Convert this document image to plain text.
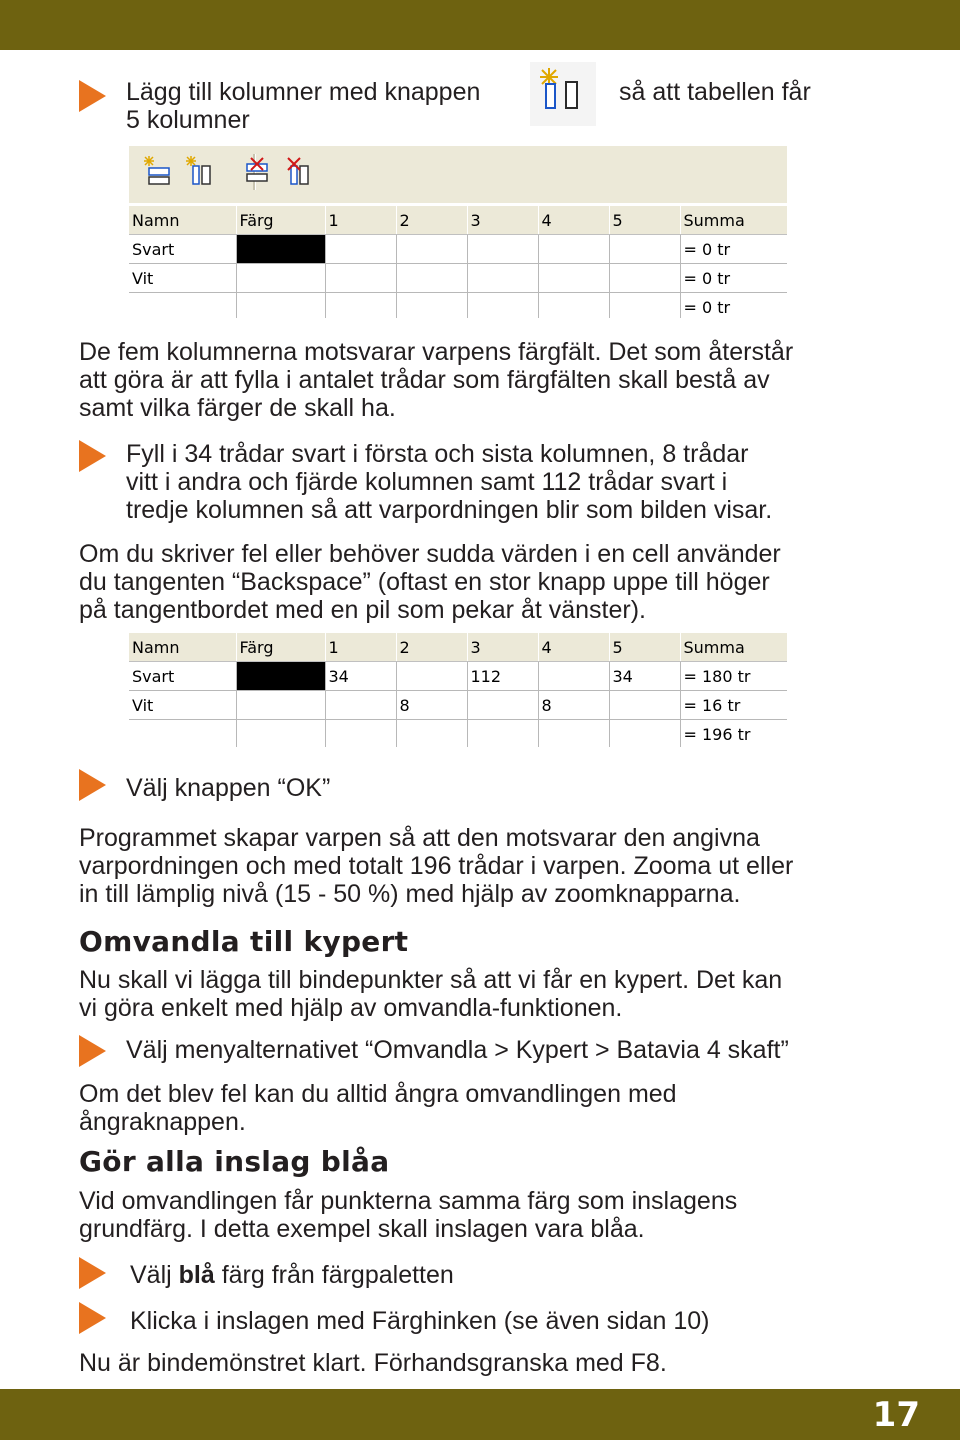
Lägg till kolumner med knappen
5 kolumner
så att tabellen får
Namn	Färg	1	2	3	4	5	Summa
Svart							= 0 tr
Vit							= 0 tr
							= 0 tr
De fem kolumnerna motsvarar varpens färgfält. Det som återstår
att göra är att fylla i antalet trådar som färgfälten skall bestå av
samt vilka färger de skall ha.
Fyll i 34 trådar svart i första och sista kolumnen, 8 trådar
vitt i andra och fjärde kolumnen samt 112 trådar svart i
tredje kolumnen så att varpordningen blir som bilden visar.
Om du skriver fel eller behöver sudda värden i en cell använder
du tangenten “Backspace” (oftast en stor knapp uppe till höger
på tangentbordet med en pil som pekar åt vänster).
Namn	Färg	1	2	3	4	5	Summa
Svart		34		112		34	= 180 tr
Vit			8		8		= 16 tr
							= 196 tr
Välj knappen “OK”
Programmet skapar varpen så att den motsvarar den angivna
varpordningen och med totalt 196 trådar i varpen. Zooma ut eller
in till lämplig nivå (15 - 50 %) med hjälp av zoomknapparna.
Omvandla till kypert
Nu skall vi lägga till bindepunkter så att vi får en kypert. Det kan
vi göra enkelt med hjälp av omvandla-funktionen.
Välj menyalternativet “Omvandla > Kypert > Batavia 4 skaft”
Om det blev fel kan du alltid ångra omvandlingen med
ångraknappen.
Gör alla inslag blåa
Vid omvandlingen får punkterna samma färg som inslagens
grundfärg. I detta exempel skall inslagen vara blåa.
Välj blå färg från färgpaletten
Klicka i inslagen med Färghinken (se även sidan 10)
Nu är bindemönstret klart. Förhandsgranska med F8.
17
